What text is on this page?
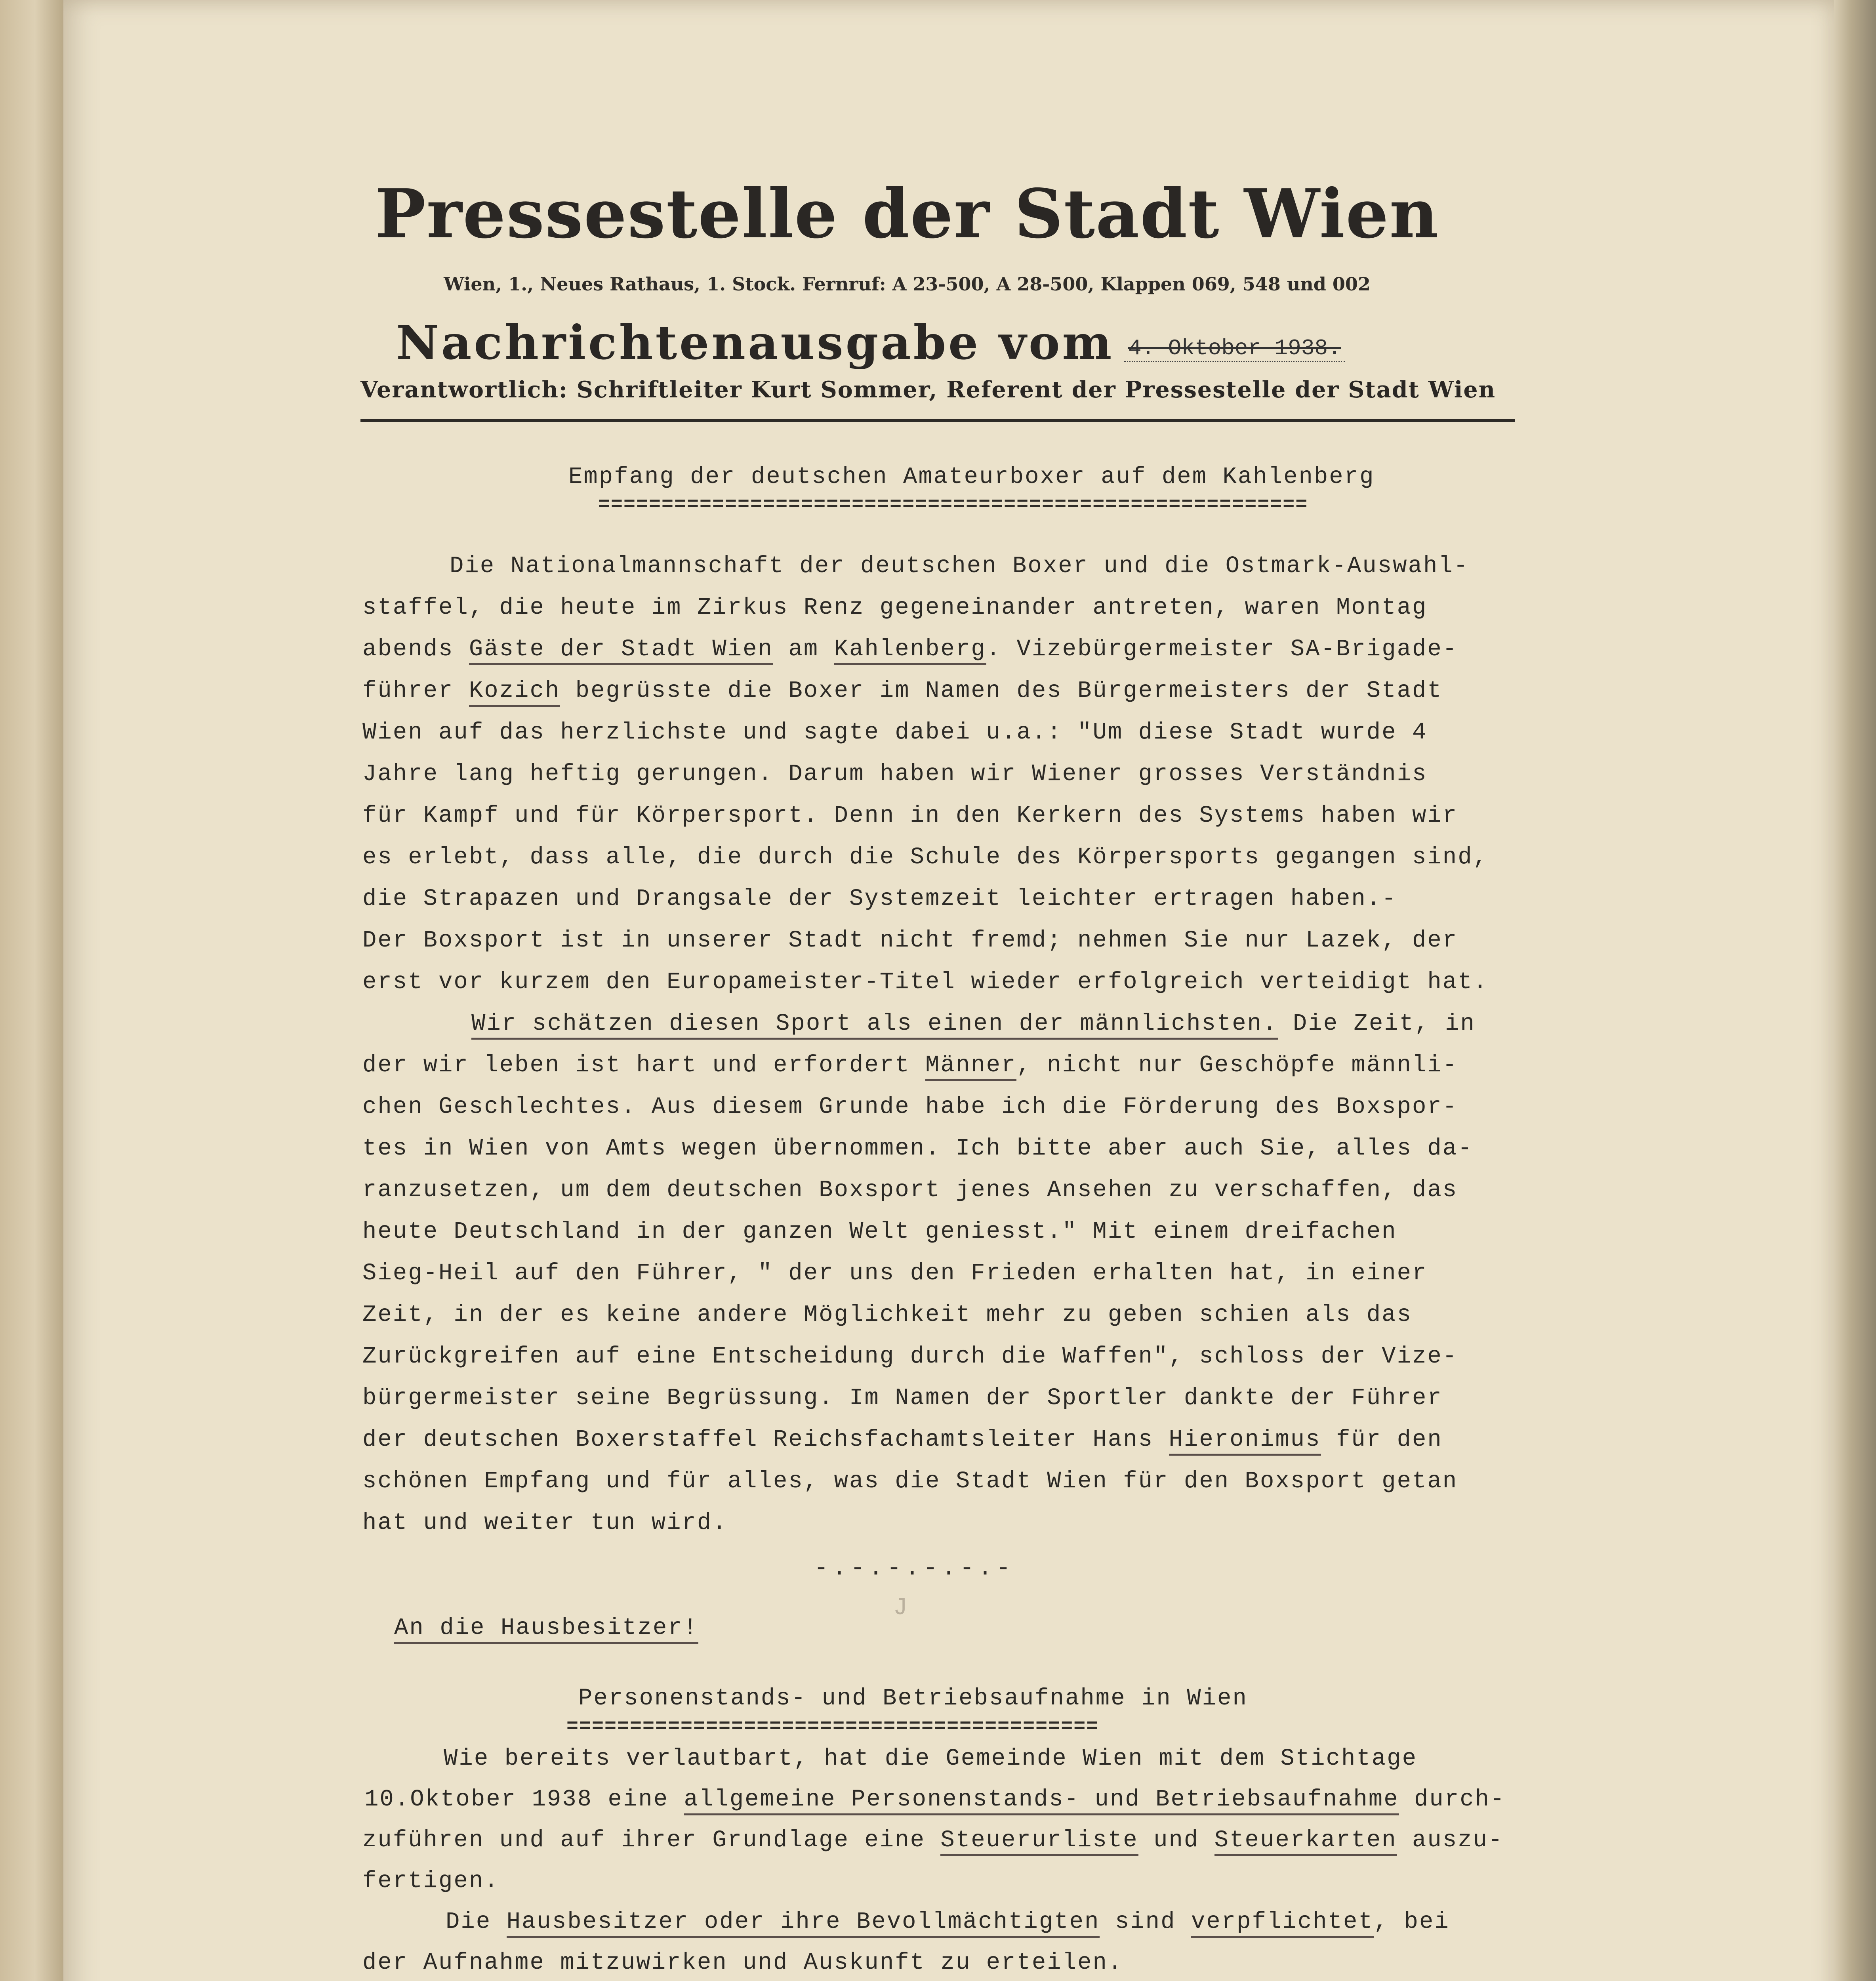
Pressestelle der Stadt Wien
Wien, 1., Neues Rathaus, 1. Stock. Fernruf: A 23-500, A 28-500, Klappen 069, 548 und 002
Nachrichtenausgabe vom 4. Oktober 1938.
Verantwortlich: Schriftleiter Kurt Sommer, Referent der Pressestelle der Stadt Wien
Empfang der deutschen Amateurboxer auf dem Kahlenberg
========================================================
Die Nationalmannschaft der deutschen Boxer und die Ostmark-Auswahl-
staffel, die heute im Zirkus Renz gegeneinander antreten, waren Montag
abends Gäste der Stadt Wien am Kahlenberg. Vizebürgermeister SA-Brigade-
führer Kozich begrüsste die Boxer im Namen des Bürgermeisters der Stadt
Wien auf das herzlichste und sagte dabei u.a.: "Um diese Stadt wurde 4
Jahre lang heftig gerungen. Darum haben wir Wiener grosses Verständnis
für Kampf und für Körpersport. Denn in den Kerkern des Systems haben wir
es erlebt, dass alle, die durch die Schule des Körpersports gegangen sind,
die Strapazen und Drangsale der Systemzeit leichter ertragen haben.-
Der Boxsport ist in unserer Stadt nicht fremd; nehmen Sie nur Lazek, der
erst vor kurzem den Europameister-Titel wieder erfolgreich verteidigt hat.
Wir schätzen diesen Sport als einen der männlichsten. Die Zeit, in
der wir leben ist hart und erfordert Männer, nicht nur Geschöpfe männli-
chen Geschlechtes. Aus diesem Grunde habe ich die Förderung des Boxspor-
tes in Wien von Amts wegen übernommen. Ich bitte aber auch Sie, alles da-
ranzusetzen, um dem deutschen Boxsport jenes Ansehen zu verschaffen, das
heute Deutschland in der ganzen Welt geniesst." Mit einem dreifachen
Sieg-Heil auf den Führer, " der uns den Frieden erhalten hat, in einer
Zeit, in der es keine andere Möglichkeit mehr zu geben schien als das
Zurückgreifen auf eine Entscheidung durch die Waffen", schloss der Vize-
bürgermeister seine Begrüssung. Im Namen der Sportler dankte der Führer
der deutschen Boxerstaffel Reichsfachamtsleiter Hans Hieronimus für den
schönen Empfang und für alles, was die Stadt Wien für den Boxsport getan
hat und weiter tun wird.
-.-.-.-.-.-
J
An die Hausbesitzer!
Personenstands- und Betriebsaufnahme in Wien
==========================================
Wie bereits verlautbart, hat die Gemeinde Wien mit dem Stichtage
10.Oktober 1938 eine allgemeine Personenstands- und Betriebsaufnahme durch-
zuführen und auf ihrer Grundlage eine Steuerurliste und Steuerkarten auszu-
fertigen.
Die Hausbesitzer oder ihre Bevollmächtigten sind verpflichtet, bei
der Aufnahme mitzuwirken und Auskunft zu erteilen.
